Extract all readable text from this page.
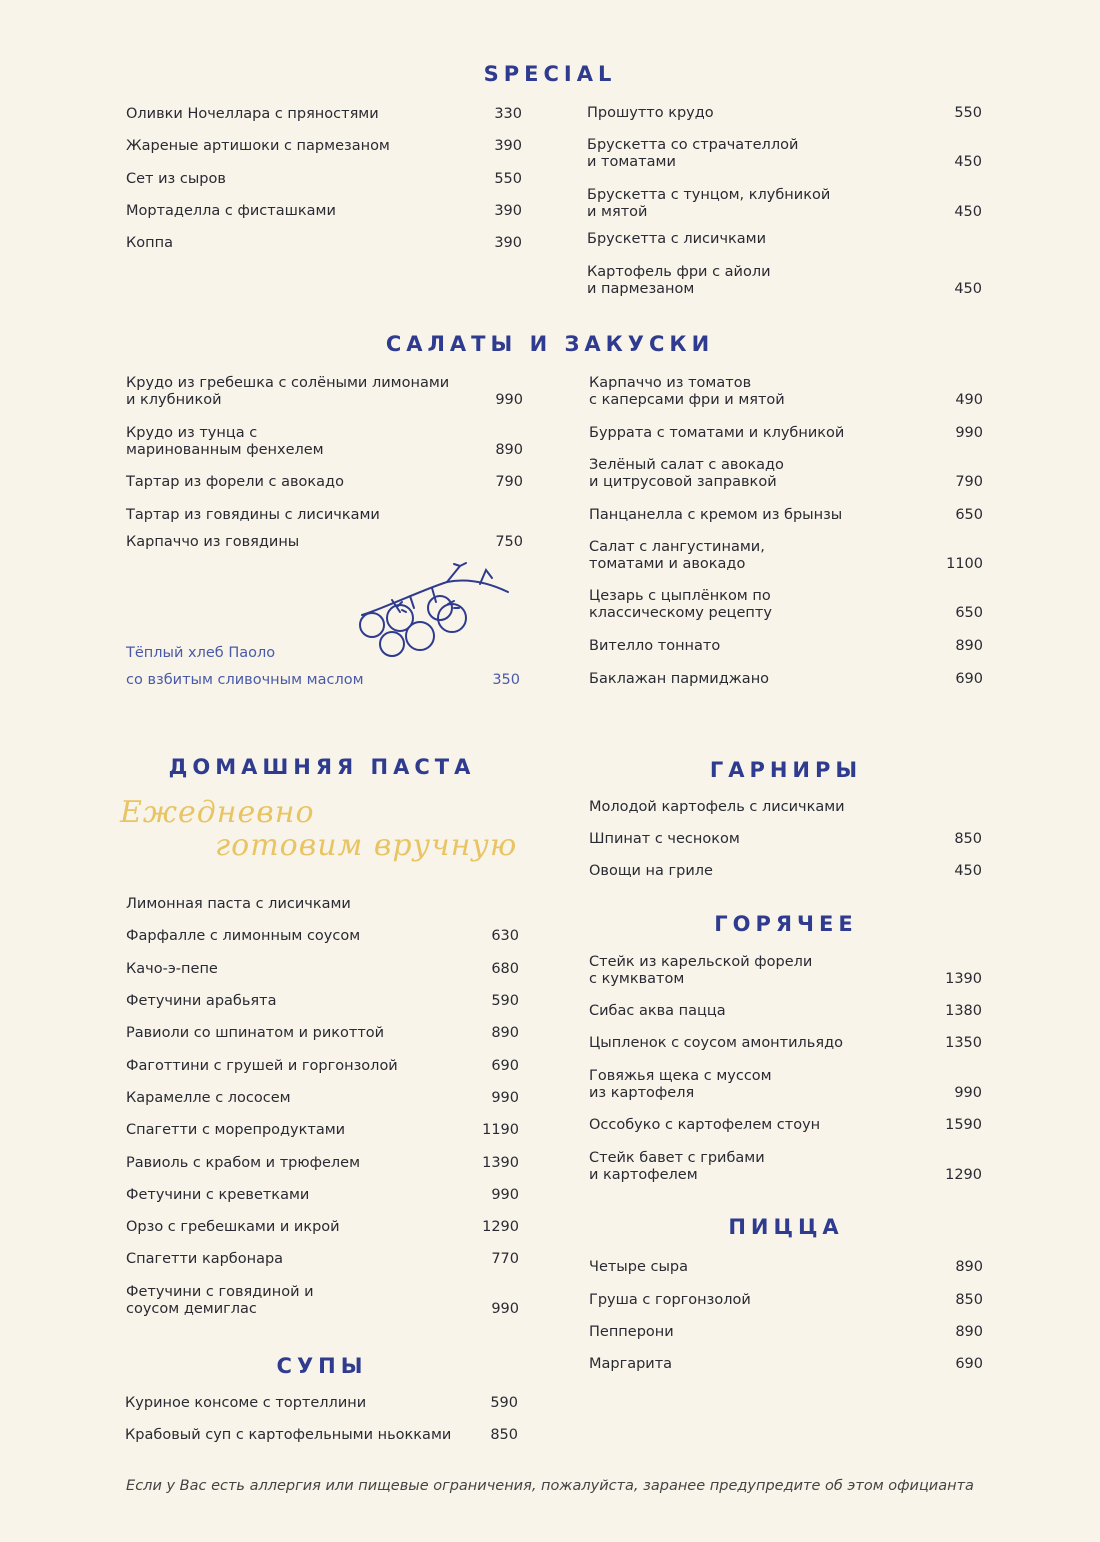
SPECIAL
Оливки Ночеллара с пряностями	330
Жареные артишоки с пармезаном	390
Сет из сыров	550
Мортаделла с фисташками	390
Коппа	390
Прошутто крудо	550
Брускетта со страчателлой
и томатами	450
Брускетта с тунцом, клубникой
и мятой	450
Брускетта с лисичками
Картофель фри с айоли
и пармезаном	450
САЛАТЫ И ЗАКУСКИ
Крудо из гребешка с солёными лимонами
и клубникой	990
Крудо из тунца с
маринованным фенхелем	890
Тартар из форели с авокадо	790
Тартар из говядины с лисичками
Карпаччо из говядины	750
Тёплый хлеб Паоло
со взбитым сливочным маслом	350
Карпаччо из томатов
с каперсами фри и мятой	490
Буррата с томатами и клубникой	990
Зелёный салат с авокадо
и цитрусовой заправкой	790
Панцанелла с кремом из брынзы	650
Салат с лангустинами,
томатами и авокадо	1100
Цезарь с цыплёнком по
классическому рецепту	650
Вителло тоннато	890
Баклажан пармиджано	690
ДОМАШНЯЯ ПАСТА
Ежедневно
готовим вручную
Лимонная паста с лисичками
Фарфалле с лимонным соусом	630
Качо-э-пепе	680
Фетучини арабьята	590
Равиоли со шпинатом и рикоттой	890
Фаготтини с грушей и горгонзолой	690
Карамелле с лососем	990
Спагетти с морепродуктами	1190
Равиоль с крабом и трюфелем	1390
Фетучини с креветками	990
Орзо с гребешками и икрой	1290
Спагетти карбонара	770
Фетучини с говядиной и
соусом демиглас	990
СУПЫ
Куриное консоме с тортеллини	590
Крабовый суп с картофельными ньокками	850
ГАРНИРЫ
Молодой картофель с лисичками
Шпинат с чесноком	850
Овощи на гриле	450
ГОРЯЧЕЕ
Стейк из карельской форели
с кумкватом	1390
Сибас аква пацца	1380
Цыпленок с соусом амонтильядо	1350
Говяжья щека с муссом
из картофеля	990
Оссобуко с картофелем стоун	1590
Стейк бавет с грибами
и картофелем	1290
ПИЦЦА
Четыре сыра	890
Груша с горгонзолой	850
Пепперони	890
Маргарита	690
Если у Вас есть аллергия или пищевые ограничения, пожалуйста, заранее предупредите об этом официанта
